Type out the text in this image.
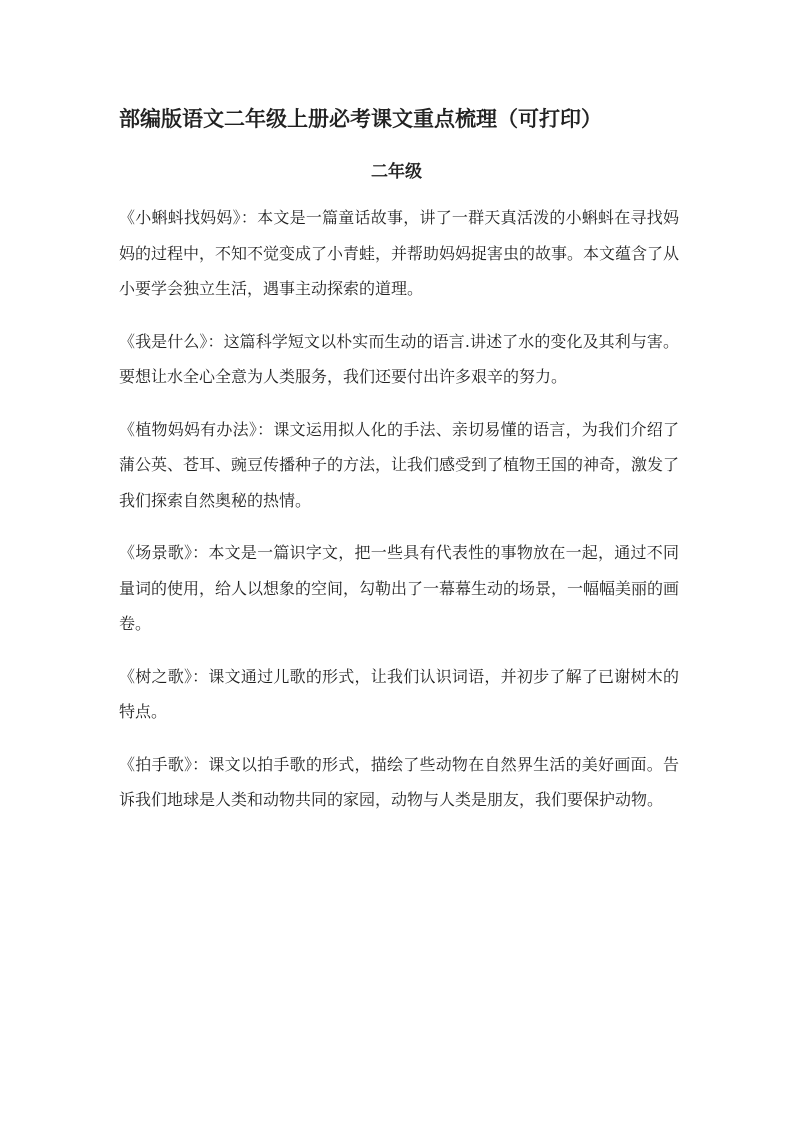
部编版语文二年级上册必考课文重点梳理（可打印）
二年级

《小蝌蚪找妈妈》：本文是一篇童话故事，讲了一群天真活泼的小蝌蚪在寻找妈妈的过程中，不知不觉变成了小青蛙，并帮助妈妈捉害虫的故事。本文蕴含了从小要学会独立生活，遇事主动探索的道理。

《我是什么》：这篇科学短文以朴实而生动的语言.讲述了水的变化及其利与害。要想让水全心全意为人类服务，我们还要付出许多艰辛的努力。

《植物妈妈有办法》：课文运用拟人化的手法、亲切易懂的语言，为我们介绍了蒲公英、苍耳、豌豆传播种子的方法，让我们感受到了植物王国的神奇，激发了我们探索自然奥秘的热情。

《场景歌》：本文是一篇识字文，把一些具有代表性的事物放在一起，通过不同量词的使用，给人以想象的空间，勾勒出了一幕幕生动的场景，一幅幅美丽的画卷。

《树之歌》：课文通过儿歌的形式，让我们认识词语，并初步了解了已谢树木的特点。

《拍手歌》：课文以拍手歌的形式，描绘了些动物在自然界生活的美好画面。告诉我们地球是人类和动物共同的家园，动物与人类是朋友，我们要保护动物。
